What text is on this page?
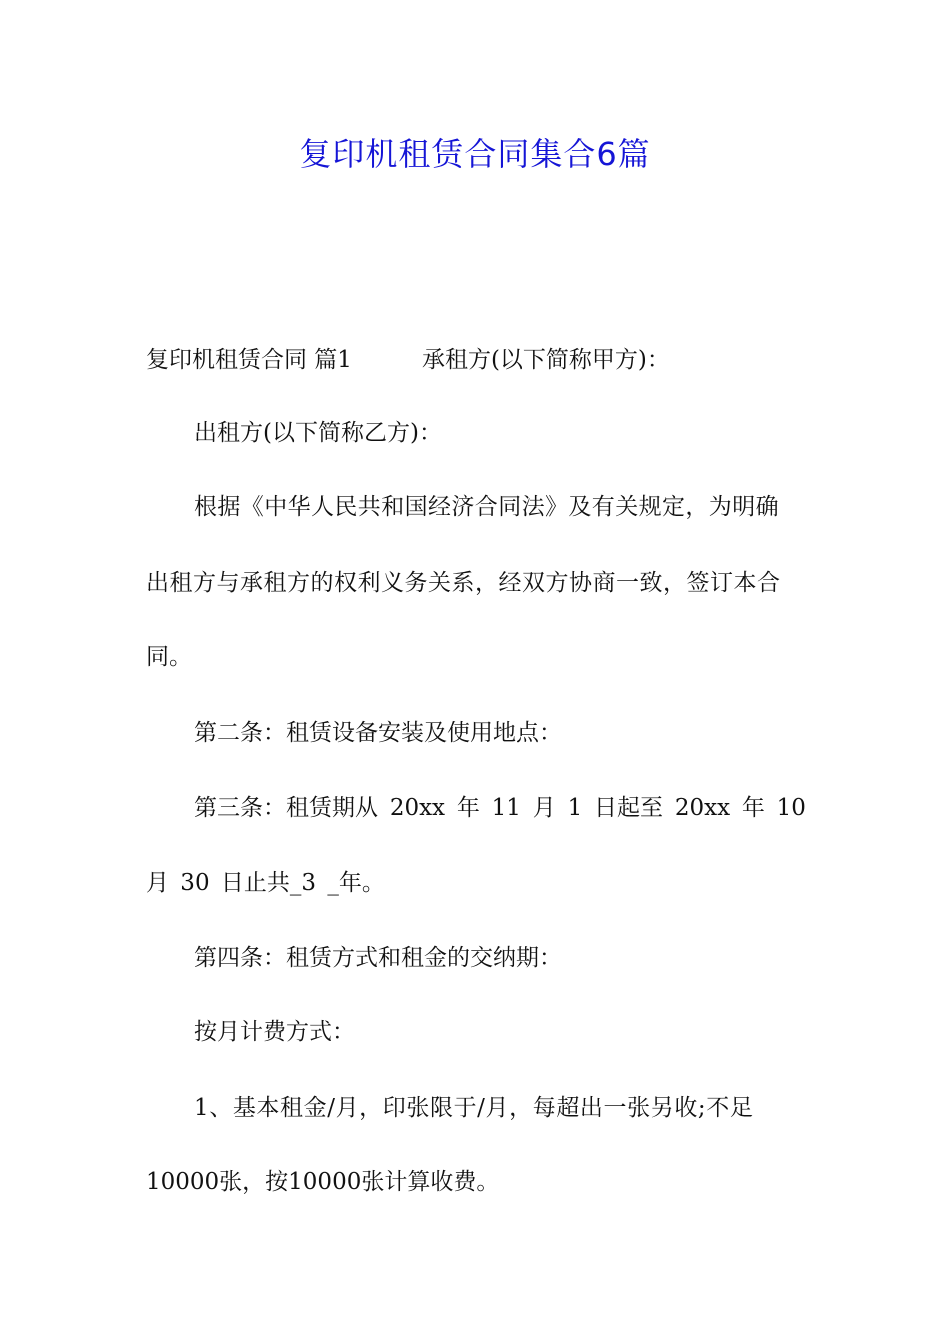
复印机租赁合同集合6篇
复印机租赁合同 篇1	承租方(以下简称甲方)：
出租方(以下简称乙方)：
根据《中华人民共和国经济合同法》及有关规定，为明确
出租方与承租方的权利义务关系，经双方协商一致，签订本合
同。
第二条：租赁设备安装及使用地点：
第三条：租赁期从 20xx 年 11 月 1 日起至 20xx 年 10
月 30 日止共_3 _年。
第四条：租赁方式和租金的交纳期：
按月计费方式：
1、基本租金/月，印张限于/月，每超出一张另收;不足
10000张，按10000张计算收费。
